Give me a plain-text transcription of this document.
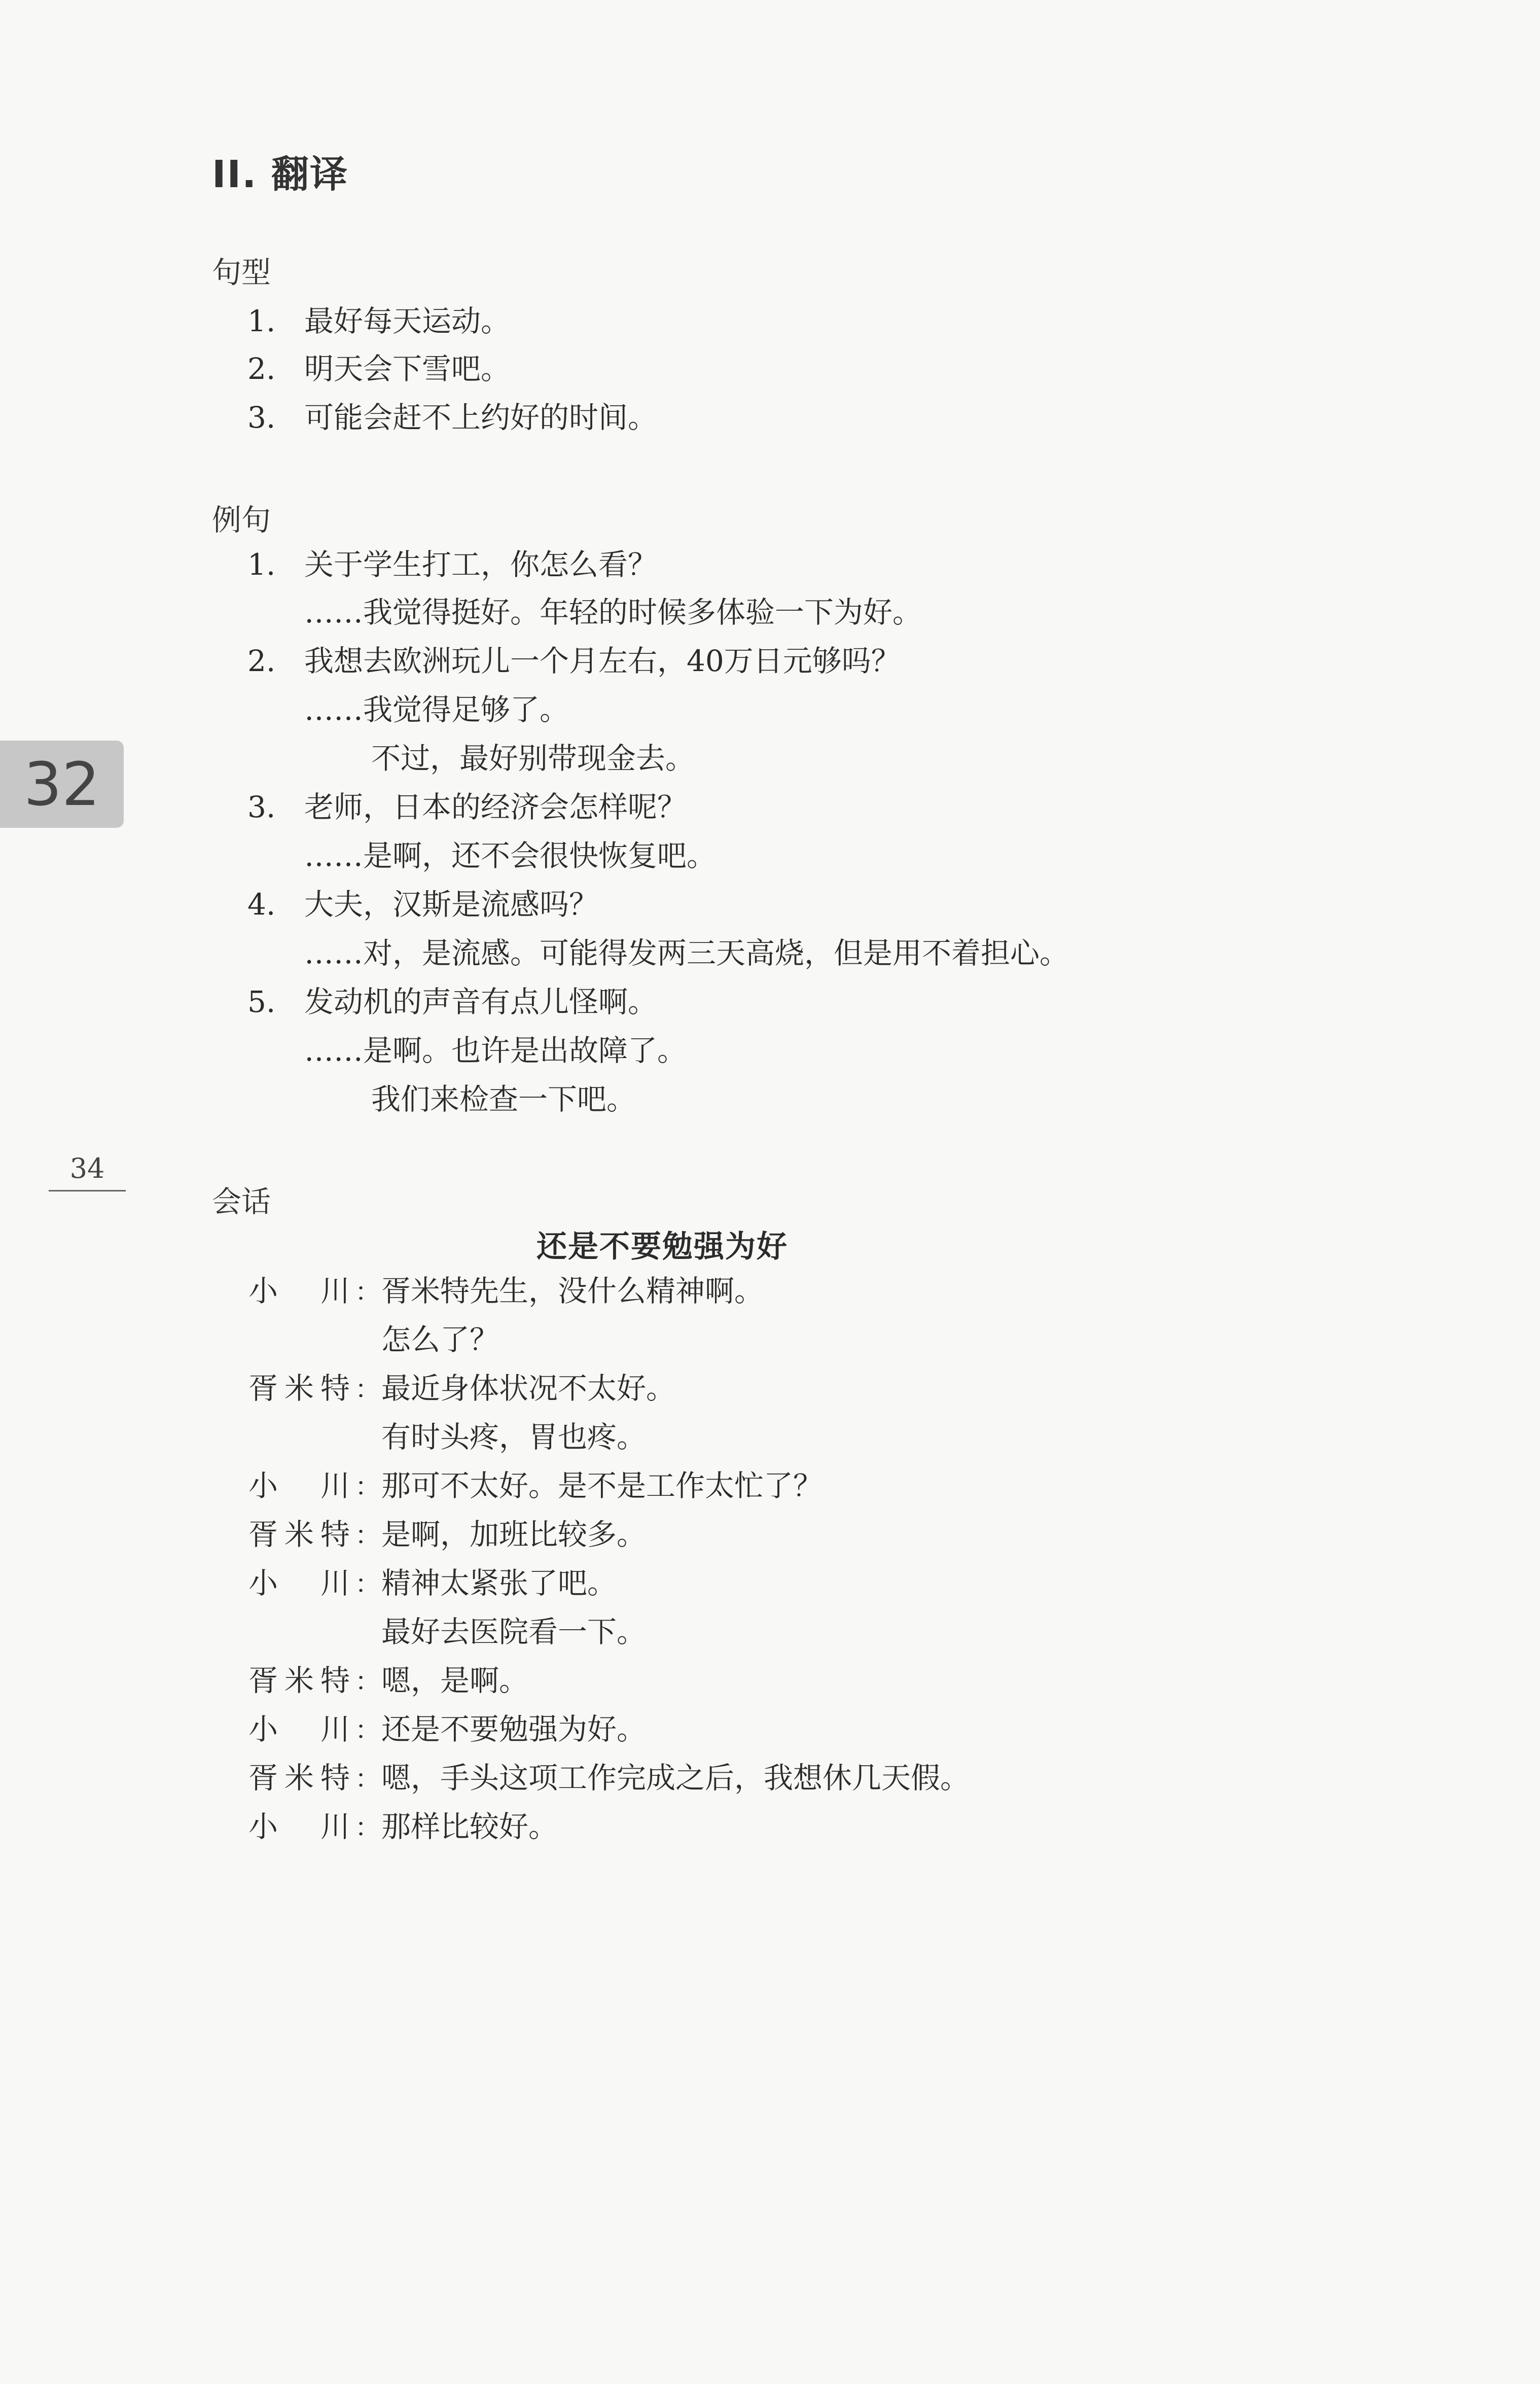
II. 翻译
句型
1. 最好每天运动。
2. 明天会下雪吧。
3. 可能会赶不上约好的时间。
例句
1. 关于学生打工，你怎么看？
……我觉得挺好。年轻的时候多体验一下为好。
2. 我想去欧洲玩儿一个月左右，40万日元够吗？
……我觉得足够了。
不过，最好别带现金去。
3. 老师，日本的经济会怎样呢？
……是啊，还不会很快恢复吧。
4. 大夫，汉斯是流感吗？
……对，是流感。可能得发两三天高烧，但是用不着担心。
5. 发动机的声音有点儿怪啊。
……是啊。也许是出故障了。
我们来检查一下吧。
32
34
会话
还是不要勉强为好
小川 ： 胥米特先生，没什么精神啊。
怎么了？
胥米特 ： 最近身体状况不太好。
有时头疼，胃也疼。
小川 ： 那可不太好。是不是工作太忙了？
胥米特 ： 是啊，加班比较多。
小川 ： 精神太紧张了吧。
最好去医院看一下。
胥米特 ： 嗯，是啊。
小川 ： 还是不要勉强为好。
胥米特 ： 嗯，手头这项工作完成之后，我想休几天假。
小川 ： 那样比较好。
